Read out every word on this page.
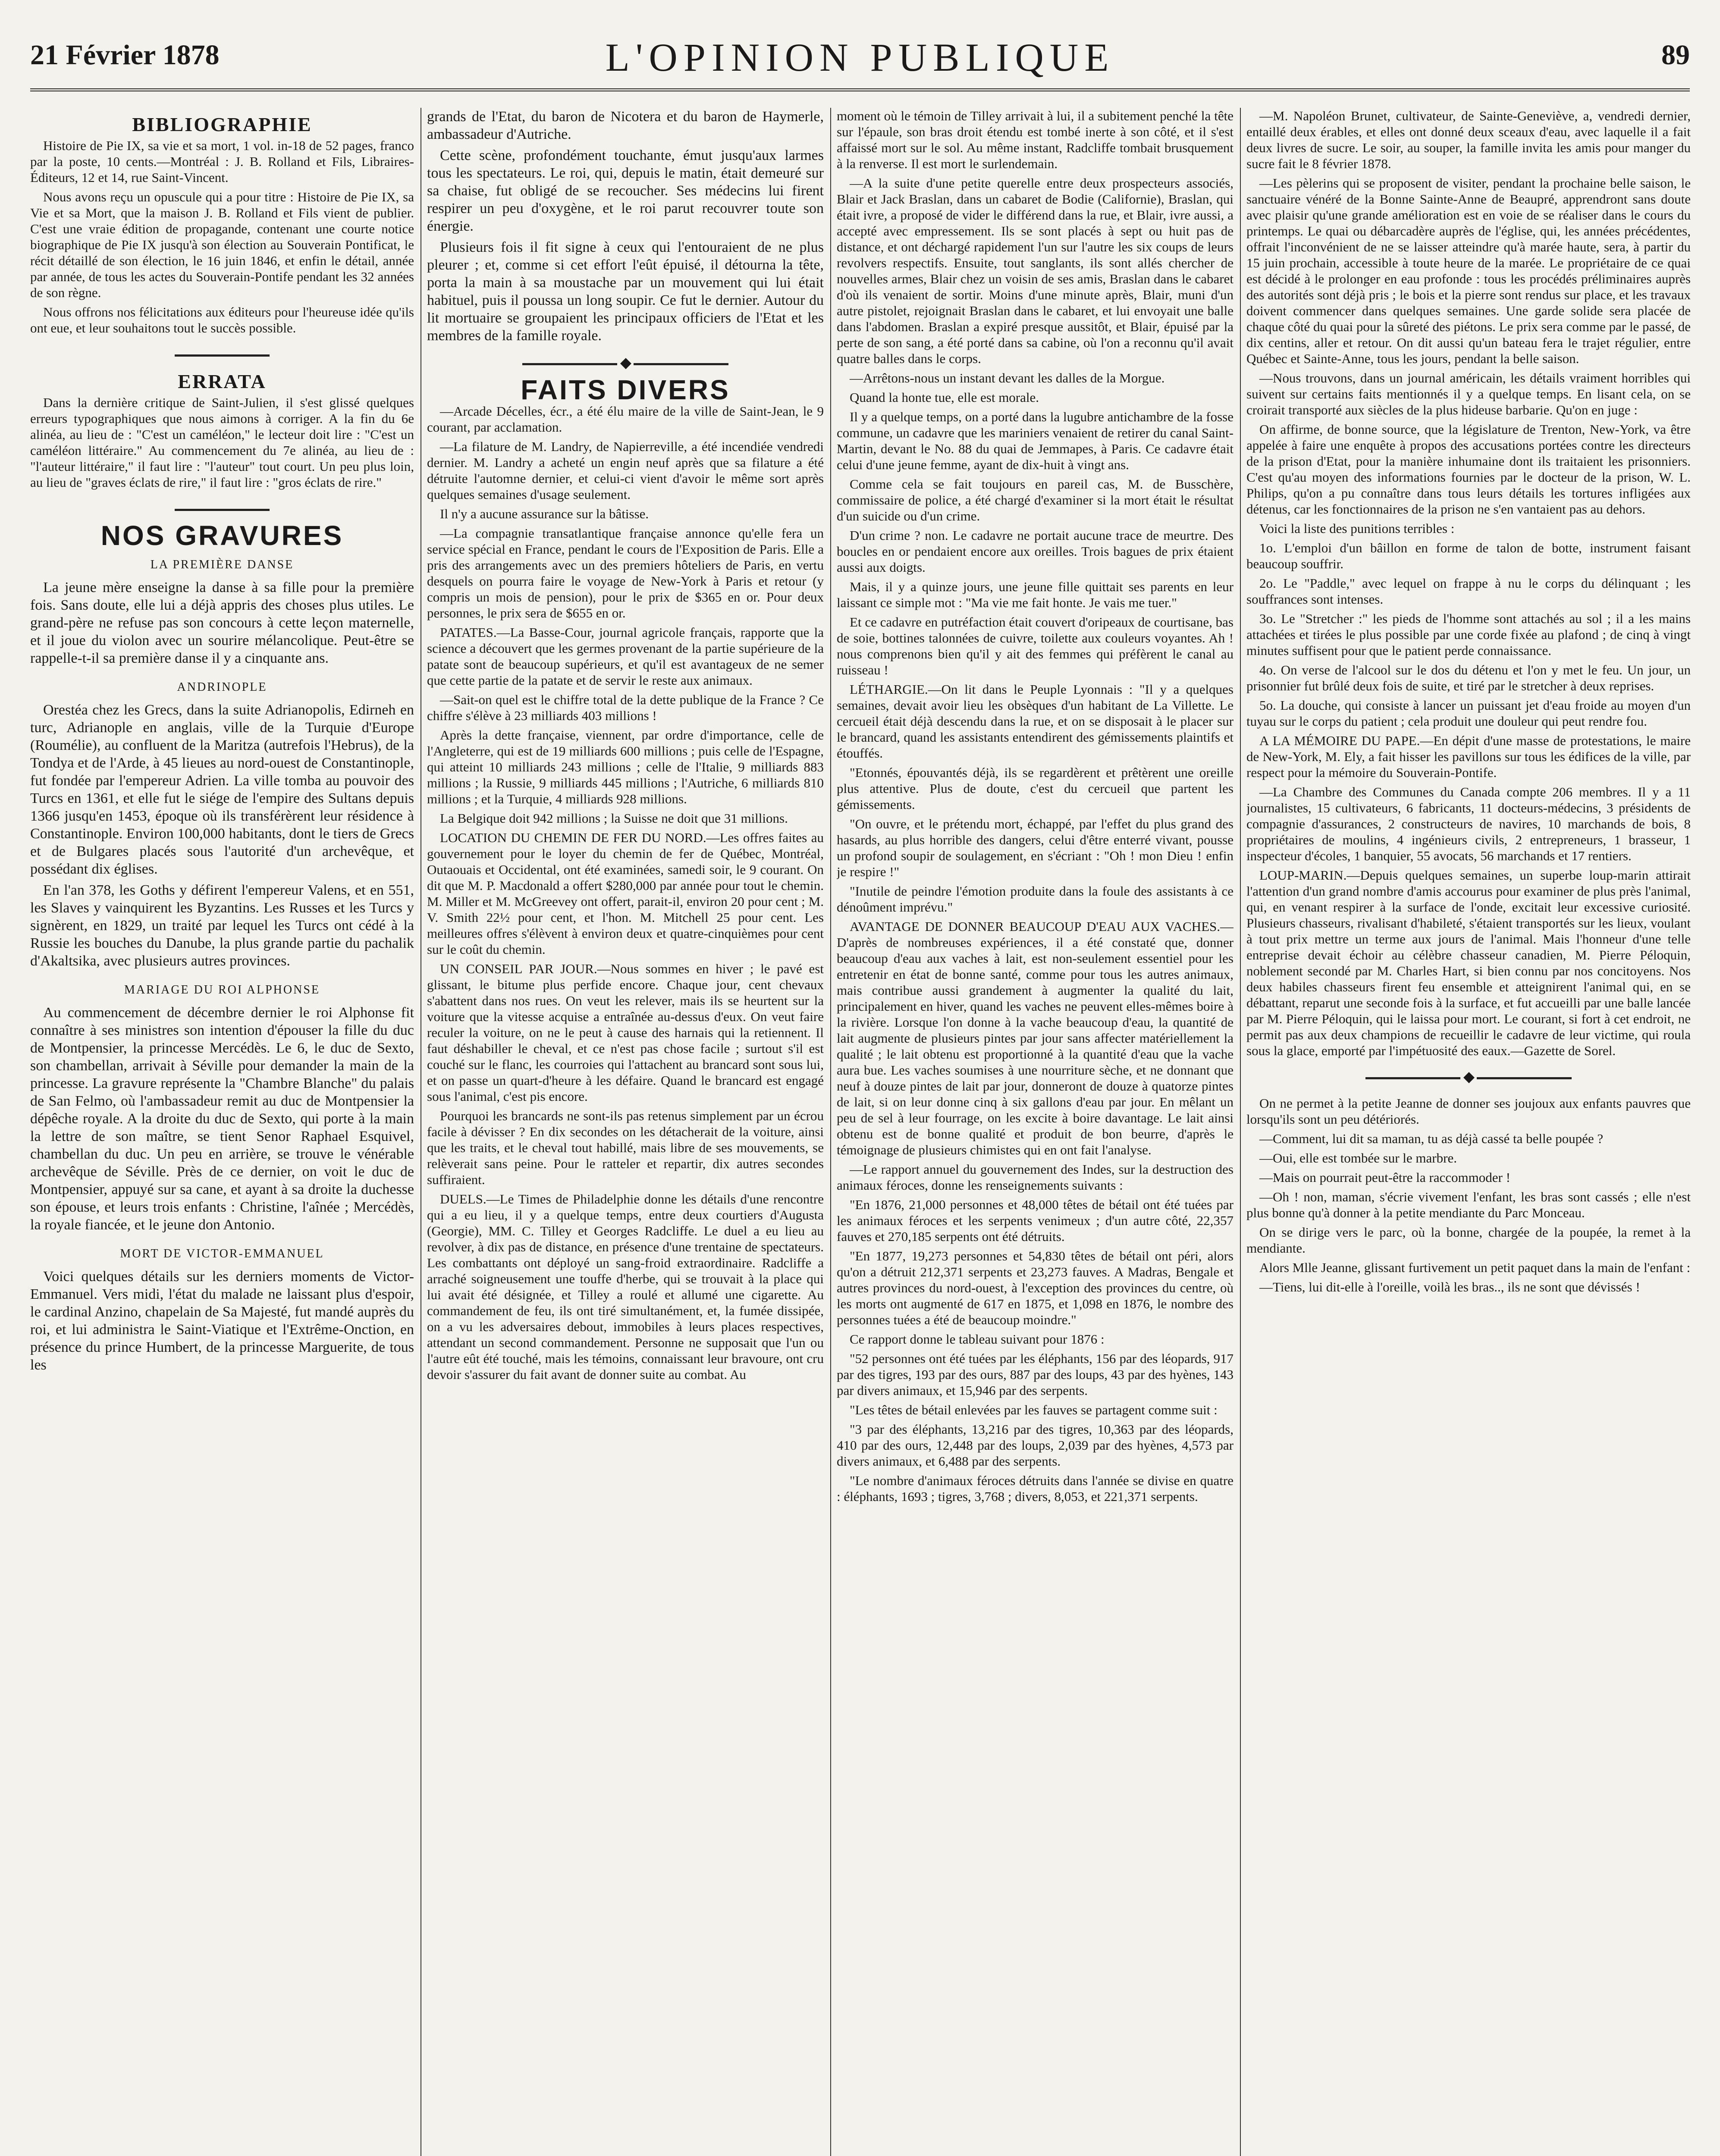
21 Février 1878	L'OPINION PUBLIQUE	89
BIBLIOGRAPHIE

Histoire de Pie IX, sa vie et sa mort, 1 vol. in-18 de 52 pages, franco par la poste, 10 cents.—Montréal : J. B. Rolland et Fils, Libraires-Éditeurs, 12 et 14, rue Saint-Vincent.

Nous avons reçu un opuscule qui a pour titre : Histoire de Pie IX, sa Vie et sa Mort, que la maison J. B. Rolland et Fils vient de publier. C'est une vraie édition de propagande, contenant une courte notice biographique de Pie IX jusqu'à son élection au Souverain Pontificat, le récit détaillé de son élection, le 16 juin 1846, et enfin le détail, année par année, de tous les actes du Souverain-Pontife pendant les 32 années de son règne.

Nous offrons nos félicitations aux éditeurs pour l'heureuse idée qu'ils ont eue, et leur souhaitons tout le succès possible.

ERRATA

Dans la dernière critique de Saint-Julien, il s'est glissé quelques erreurs typographiques que nous aimons à corriger. A la fin du 6e alinéa, au lieu de : "C'est un caméléon," le lecteur doit lire : "C'est un caméléon littéraire." Au commencement du 7e alinéa, au lieu de : "l'auteur littéraire," il faut lire : "l'auteur" tout court. Un peu plus loin, au lieu de "graves éclats de rire," il faut lire : "gros éclats de rire."

NOS GRAVURES
LA PREMIÈRE DANSE

La jeune mère enseigne la danse à sa fille pour la première fois. Sans doute, elle lui a déjà appris des choses plus utiles. Le grand-père ne refuse pas son concours à cette leçon maternelle, et il joue du violon avec un sourire mélancolique. Peut-être se rappelle-t-il sa première danse il y a cinquante ans.

ANDRINOPLE

Orestéa chez les Grecs, dans la suite Adrianopolis, Edirneh en turc, Adrianople en anglais, ville de la Turquie d'Europe (Roumélie), au confluent de la Maritza (autrefois l'Hebrus), de la Tondya et de l'Arde, à 45 lieues au nord-ouest de Constantinople, fut fondée par l'empereur Adrien. La ville tomba au pouvoir des Turcs en 1361, et elle fut le siége de l'empire des Sultans depuis 1366 jusqu'en 1453, époque où ils transférèrent leur résidence à Constantinople. Environ 100,000 habitants, dont le tiers de Grecs et de Bulgares placés sous l'autorité d'un archevêque, et possédant dix églises.

En l'an 378, les Goths y défirent l'empereur Valens, et en 551, les Slaves y vainquirent les Byzantins. Les Russes et les Turcs y signèrent, en 1829, un traité par lequel les Turcs ont cédé à la Russie les bouches du Danube, la plus grande partie du pachalik d'Akaltsika, avec plusieurs autres provinces.

MARIAGE DU ROI ALPHONSE

Au commencement de décembre dernier le roi Alphonse fit connaître à ses ministres son intention d'épouser la fille du duc de Montpensier, la princesse Mercédès. Le 6, le duc de Sexto, son chambellan, arrivait à Séville pour demander la main de la princesse. La gravure représente la "Chambre Blanche" du palais de San Felmo, où l'ambassadeur remit au duc de Montpensier la dépêche royale. A la droite du duc de Sexto, qui porte à la main la lettre de son maître, se tient Senor Raphael Esquivel, chambellan du duc. Un peu en arrière, se trouve le vénérable archevêque de Séville. Près de ce dernier, on voit le duc de Montpensier, appuyé sur sa cane, et ayant à sa droite la duchesse son épouse, et leurs trois enfants : Christine, l'aînée ; Mercédès, la royale fiancée, et le jeune don Antonio.

MORT DE VICTOR-EMMANUEL

Voici quelques détails sur les derniers moments de Victor-Emmanuel. Vers midi, l'état du malade ne laissant plus d'espoir, le cardinal Anzino, chapelain de Sa Majesté, fut mandé auprès du roi, et lui administra le Saint-Viatique et l'Extrême-Onction, en présence du prince Humbert, de la princesse Marguerite, de tous les

grands de l'Etat, du baron de Nicotera et du baron de Haymerle, ambassadeur d'Autriche.

Cette scène, profondément touchante, émut jusqu'aux larmes tous les spectateurs. Le roi, qui, depuis le matin, était demeuré sur sa chaise, fut obligé de se recoucher. Ses médecins lui firent respirer un peu d'oxygène, et le roi parut recouvrer toute son énergie.

Plusieurs fois il fit signe à ceux qui l'entouraient de ne plus pleurer ; et, comme si cet effort l'eût épuisé, il détourna la tête, porta la main à sa moustache par un mouvement qui lui était habituel, puis il poussa un long soupir. Ce fut le dernier. Autour du lit mortuaire se groupaient les principaux officiers de l'Etat et les membres de la famille royale.

◆
FAITS DIVERS

—Arcade Décelles, écr., a été élu maire de la ville de Saint-Jean, le 9 courant, par acclamation.

—La filature de M. Landry, de Napierreville, a été incendiée vendredi dernier. M. Landry a acheté un engin neuf après que sa filature a été détruite l'automne dernier, et celui-ci vient d'avoir le même sort après quelques semaines d'usage seulement.

Il n'y a aucune assurance sur la bâtisse.

—La compagnie transatlantique française annonce qu'elle fera un service spécial en France, pendant le cours de l'Exposition de Paris. Elle a pris des arrangements avec un des premiers hôteliers de Paris, en vertu desquels on pourra faire le voyage de New-York à Paris et retour (y compris un mois de pension), pour le prix de $365 en or. Pour deux personnes, le prix sera de $655 en or.

PATATES.—La Basse-Cour, journal agricole français, rapporte que la science a découvert que les germes provenant de la partie supérieure de la patate sont de beaucoup supérieurs, et qu'il est avantageux de ne semer que cette partie de la patate et de servir le reste aux animaux.

—Sait-on quel est le chiffre total de la dette publique de la France ? Ce chiffre s'élève à 23 milliards 403 millions !

Après la dette française, viennent, par ordre d'importance, celle de l'Angleterre, qui est de 19 milliards 600 millions ; puis celle de l'Espagne, qui atteint 10 milliards 243 millions ; celle de l'Italie, 9 milliards 883 millions ; la Russie, 9 milliards 445 millions ; l'Autriche, 6 milliards 810 millions ; et la Turquie, 4 milliards 928 millions.

La Belgique doit 942 millions ; la Suisse ne doit que 31 millions.

LOCATION DU CHEMIN DE FER DU NORD.—Les offres faites au gouvernement pour le loyer du chemin de fer de Québec, Montréal, Outaouais et Occidental, ont été examinées, samedi soir, le 9 courant. On dit que M. P. Macdonald a offert $280,000 par année pour tout le chemin. M. Miller et M. McGreevey ont offert, parait-il, environ 20 pour cent ; M. V. Smith 22½ pour cent, et l'hon. M. Mitchell 25 pour cent. Les meilleures offres s'élèvent à environ deux et quatre-cinquièmes pour cent sur le coût du chemin.

UN CONSEIL PAR JOUR.—Nous sommes en hiver ; le pavé est glissant, le bitume plus perfide encore. Chaque jour, cent chevaux s'abattent dans nos rues. On veut les relever, mais ils se heurtent sur la voiture que la vitesse acquise a entraînée au-dessus d'eux. On veut faire reculer la voiture, on ne le peut à cause des harnais qui la retiennent. Il faut déshabiller le cheval, et ce n'est pas chose facile ; surtout s'il est couché sur le flanc, les courroies qui l'attachent au brancard sont sous lui, et on passe un quart-d'heure à les défaire. Quand le brancard est engagé sous l'animal, c'est pis encore.

Pourquoi les brancards ne sont-ils pas retenus simplement par un écrou facile à dévisser ? En dix secondes on les détacherait de la voiture, ainsi que les traits, et le cheval tout habillé, mais libre de ses mouvements, se relèverait sans peine. Pour le ratteler et repartir, dix autres secondes suffiraient.

DUELS.—Le Times de Philadelphie donne les détails d'une rencontre qui a eu lieu, il y a quelque temps, entre deux courtiers d'Augusta (Georgie), MM. C. Tilley et Georges Radcliffe. Le duel a eu lieu au revolver, à dix pas de distance, en présence d'une trentaine de spectateurs. Les combattants ont déployé un sang-froid extraordinaire. Radcliffe a arraché soigneusement une touffe d'herbe, qui se trouvait à la place qui lui avait été désignée, et Tilley a roulé et allumé une cigarette. Au commandement de feu, ils ont tiré simultanément, et, la fumée dissipée, on a vu les adversaires debout, immobiles à leurs places respectives, attendant un second commandement. Personne ne supposait que l'un ou l'autre eût été touché, mais les témoins, connaissant leur bravoure, ont cru devoir s'assurer du fait avant de donner suite au combat. Au

moment où le témoin de Tilley arrivait à lui, il a subitement penché la tête sur l'épaule, son bras droit étendu est tombé inerte à son côté, et il s'est affaissé mort sur le sol. Au même instant, Radcliffe tombait brusquement à la renverse. Il est mort le surlendemain.

—A la suite d'une petite querelle entre deux prospecteurs associés, Blair et Jack Braslan, dans un cabaret de Bodie (Californie), Braslan, qui était ivre, a proposé de vider le différend dans la rue, et Blair, ivre aussi, a accepté avec empressement. Ils se sont placés à sept ou huit pas de distance, et ont déchargé rapidement l'un sur l'autre les six coups de leurs revolvers respectifs. Ensuite, tout sanglants, ils sont allés chercher de nouvelles armes, Blair chez un voisin de ses amis, Braslan dans le cabaret d'où ils venaient de sortir. Moins d'une minute après, Blair, muni d'un autre pistolet, rejoignait Braslan dans le cabaret, et lui envoyait une balle dans l'abdomen. Braslan a expiré presque aussitôt, et Blair, épuisé par la perte de son sang, a été porté dans sa cabine, où l'on a reconnu qu'il avait quatre balles dans le corps.

—Arrêtons-nous un instant devant les dalles de la Morgue.

Quand la honte tue, elle est morale.

Il y a quelque temps, on a porté dans la lugubre antichambre de la fosse commune, un cadavre que les mariniers venaient de retirer du canal Saint-Martin, devant le No. 88 du quai de Jemmapes, à Paris. Ce cadavre était celui d'une jeune femme, ayant de dix-huit à vingt ans.

Comme cela se fait toujours en pareil cas, M. de Busschère, commissaire de police, a été chargé d'examiner si la mort était le résultat d'un suicide ou d'un crime.

D'un crime ? non. Le cadavre ne portait aucune trace de meurtre. Des boucles en or pendaient encore aux oreilles. Trois bagues de prix étaient aussi aux doigts.

Mais, il y a quinze jours, une jeune fille quittait ses parents en leur laissant ce simple mot : "Ma vie me fait honte. Je vais me tuer."

Et ce cadavre en putréfaction était couvert d'oripeaux de courtisane, bas de soie, bottines talonnées de cuivre, toilette aux couleurs voyantes. Ah ! nous comprenons bien qu'il y ait des femmes qui préfèrent le canal au ruisseau !

LÉTHARGIE.—On lit dans le Peuple Lyonnais : "Il y a quelques semaines, devait avoir lieu les obsèques d'un habitant de La Villette. Le cercueil était déjà descendu dans la rue, et on se disposait à le placer sur le brancard, quand les assistants entendirent des gémissements plaintifs et étouffés.

"Etonnés, épouvantés déjà, ils se regardèrent et prêtèrent une oreille plus attentive. Plus de doute, c'est du cercueil que partent les gémissements.

"On ouvre, et le prétendu mort, échappé, par l'effet du plus grand des hasards, au plus horrible des dangers, celui d'être enterré vivant, pousse un profond soupir de soulagement, en s'écriant : "Oh ! mon Dieu ! enfin je respire !"

"Inutile de peindre l'émotion produite dans la foule des assistants à ce dénoûment imprévu."

AVANTAGE DE DONNER BEAUCOUP D'EAU AUX VACHES.—D'après de nombreuses expériences, il a été constaté que, donner beaucoup d'eau aux vaches à lait, est non-seulement essentiel pour les entretenir en état de bonne santé, comme pour tous les autres animaux, mais contribue aussi grandement à augmenter la qualité du lait, principalement en hiver, quand les vaches ne peuvent elles-mêmes boire à la rivière. Lorsque l'on donne à la vache beaucoup d'eau, la quantité de lait augmente de plusieurs pintes par jour sans affecter matériellement la qualité ; le lait obtenu est proportionné à la quantité d'eau que la vache aura bue. Les vaches soumises à une nourriture sèche, et ne donnant que neuf à douze pintes de lait par jour, donneront de douze à quatorze pintes de lait, si on leur donne cinq à six gallons d'eau par jour. En mêlant un peu de sel à leur fourrage, on les excite à boire davantage. Le lait ainsi obtenu est de bonne qualité et produit de bon beurre, d'après le témoignage de plusieurs chimistes qui en ont fait l'analyse.

—Le rapport annuel du gouvernement des Indes, sur la destruction des animaux féroces, donne les renseignements suivants :

"En 1876, 21,000 personnes et 48,000 têtes de bétail ont été tuées par les animaux féroces et les serpents venimeux ; d'un autre côté, 22,357 fauves et 270,185 serpents ont été détruits.

"En 1877, 19,273 personnes et 54,830 têtes de bétail ont péri, alors qu'on a détruit 212,371 serpents et 23,273 fauves. A Madras, Bengale et autres provinces du nord-ouest, à l'exception des provinces du centre, où les morts ont augmenté de 617 en 1875, et 1,098 en 1876, le nombre des personnes tuées a été de beaucoup moindre."

Ce rapport donne le tableau suivant pour 1876 :

"52 personnes ont été tuées par les éléphants, 156 par des léopards, 917 par des tigres, 193 par des ours, 887 par des loups, 43 par des hyènes, 143 par divers animaux, et 15,946 par des serpents.

"Les têtes de bétail enlevées par les fauves se partagent comme suit :

"3 par des éléphants, 13,216 par des tigres, 10,363 par des léopards, 410 par des ours, 12,448 par des loups, 2,039 par des hyènes, 4,573 par divers animaux, et 6,488 par des serpents.

"Le nombre d'animaux féroces détruits dans l'année se divise en quatre : éléphants, 1693 ; tigres, 3,768 ; divers, 8,053, et 221,371 serpents.

—M. Napoléon Brunet, cultivateur, de Sainte-Geneviève, a, vendredi dernier, entaillé deux érables, et elles ont donné deux sceaux d'eau, avec laquelle il a fait deux livres de sucre. Le soir, au souper, la famille invita les amis pour manger du sucre fait le 8 février 1878.

—Les pèlerins qui se proposent de visiter, pendant la prochaine belle saison, le sanctuaire vénéré de la Bonne Sainte-Anne de Beaupré, apprendront sans doute avec plaisir qu'une grande amélioration est en voie de se réaliser dans le cours du printemps. Le quai ou débarcadère auprès de l'église, qui, les années précédentes, offrait l'inconvénient de ne se laisser atteindre qu'à marée haute, sera, à partir du 15 juin prochain, accessible à toute heure de la marée. Le propriétaire de ce quai est décidé à le prolonger en eau profonde : tous les procédés préliminaires auprès des autorités sont déjà pris ; le bois et la pierre sont rendus sur place, et les travaux doivent commencer dans quelques semaines. Une garde solide sera placée de chaque côté du quai pour la sûreté des piétons. Le prix sera comme par le passé, de dix centins, aller et retour. On dit aussi qu'un bateau fera le trajet régulier, entre Québec et Sainte-Anne, tous les jours, pendant la belle saison.

—Nous trouvons, dans un journal américain, les détails vraiment horribles qui suivent sur certains faits mentionnés il y a quelque temps. En lisant cela, on se croirait transporté aux siècles de la plus hideuse barbarie. Qu'on en juge :

On affirme, de bonne source, que la législature de Trenton, New-York, va être appelée à faire une enquête à propos des accusations portées contre les directeurs de la prison d'Etat, pour la manière inhumaine dont ils traitaient les prisonniers. C'est qu'au moyen des informations fournies par le docteur de la prison, W. L. Philips, qu'on a pu connaître dans tous leurs détails les tortures infligées aux détenus, car les fonctionnaires de la prison ne s'en vantaient pas au dehors.

Voici la liste des punitions terribles :

1o. L'emploi d'un bâillon en forme de talon de botte, instrument faisant beaucoup souffrir.

2o. Le "Paddle," avec lequel on frappe à nu le corps du délinquant ; les souffrances sont intenses.

3o. Le "Stretcher :" les pieds de l'homme sont attachés au sol ; il a les mains attachées et tirées le plus possible par une corde fixée au plafond ; de cinq à vingt minutes suffisent pour que le patient perde connaissance.

4o. On verse de l'alcool sur le dos du détenu et l'on y met le feu. Un jour, un prisonnier fut brûlé deux fois de suite, et tiré par le stretcher à deux reprises.

5o. La douche, qui consiste à lancer un puissant jet d'eau froide au moyen d'un tuyau sur le corps du patient ; cela produit une douleur qui peut rendre fou.

A LA MÉMOIRE DU PAPE.—En dépit d'une masse de protestations, le maire de New-York, M. Ely, a fait hisser les pavillons sur tous les édifices de la ville, par respect pour la mémoire du Souverain-Pontife.

—La Chambre des Communes du Canada compte 206 membres. Il y a 11 journalistes, 15 cultivateurs, 6 fabricants, 11 docteurs-médecins, 3 présidents de compagnie d'assurances, 2 constructeurs de navires, 10 marchands de bois, 8 propriétaires de moulins, 4 ingénieurs civils, 2 entrepreneurs, 1 brasseur, 1 inspecteur d'écoles, 1 banquier, 55 avocats, 56 marchands et 17 rentiers.

LOUP-MARIN.—Depuis quelques semaines, un superbe loup-marin attirait l'attention d'un grand nombre d'amis accourus pour examiner de plus près l'animal, qui, en venant respirer à la surface de l'onde, excitait leur excessive curiosité. Plusieurs chasseurs, rivalisant d'habileté, s'étaient transportés sur les lieux, voulant à tout prix mettre un terme aux jours de l'animal. Mais l'honneur d'une telle entreprise devait échoir au célèbre chasseur canadien, M. Pierre Péloquin, noblement secondé par M. Charles Hart, si bien connu par nos concitoyens. Nos deux habiles chasseurs firent feu ensemble et atteignirent l'animal qui, en se débattant, reparut une seconde fois à la surface, et fut accueilli par une balle lancée par M. Pierre Péloquin, qui le laissa pour mort. Le courant, si fort à cet endroit, ne permit pas aux deux champions de recueillir le cadavre de leur victime, qui roula sous la glace, emporté par l'impétuosité des eaux.—Gazette de Sorel.

◆

On ne permet à la petite Jeanne de donner ses joujoux aux enfants pauvres que lorsqu'ils sont un peu détériorés.

—Comment, lui dit sa maman, tu as déjà cassé ta belle poupée ?

—Oui, elle est tombée sur le marbre.

—Mais on pourrait peut-être la raccommoder !

—Oh ! non, maman, s'écrie vivement l'enfant, les bras sont cassés ; elle n'est plus bonne qu'à donner à la petite mendiante du Parc Monceau.

On se dirige vers le parc, où la bonne, chargée de la poupée, la remet à la mendiante.

Alors Mlle Jeanne, glissant furtivement un petit paquet dans la main de l'enfant :

—Tiens, lui dit-elle à l'oreille, voilà les bras.., ils ne sont que dévissés !
